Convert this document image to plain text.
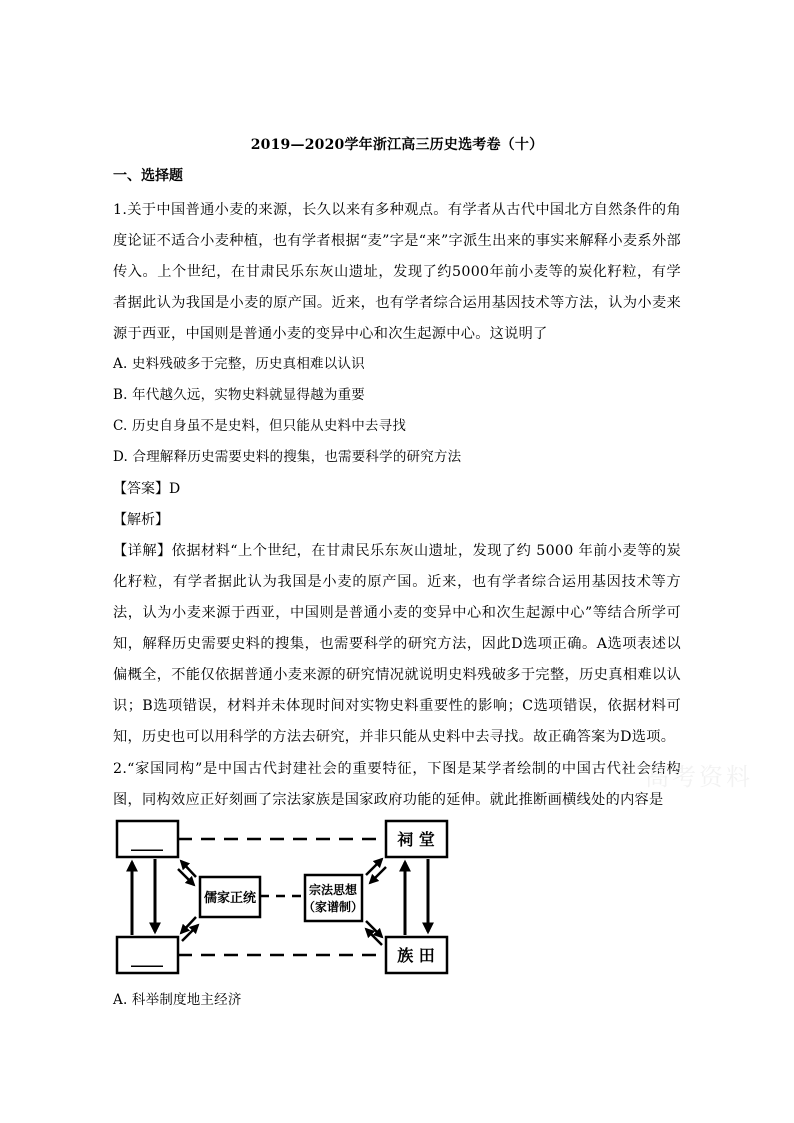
2019—2020学年浙江高三历史选考卷（十）
一、选择题
1.关于中国普通小麦的来源，长久以来有多种观点。有学者从古代中国北方自然条件的角度论证不适合小麦种植，也有学者根据“麦”字是“来”字派生出来的事实来解释小麦系外部传入。上个世纪，在甘肃民乐东灰山遗址，发现了约5000年前小麦等的炭化籽粒，有学者据此认为我国是小麦的原产国。近来，也有学者综合运用基因技术等方法，认为小麦来源于西亚，中国则是普通小麦的变异中心和次生起源中心。这说明了
A. 史料残破多于完整，历史真相难以认识
B. 年代越久远，实物史料就显得越为重要
C. 历史自身虽不是史料，但只能从史料中去寻找
D. 合理解释历史需要史料的搜集，也需要科学的研究方法
【答案】D
【解析】
【详解】依据材料“上个世纪，在甘肃民乐东灰山遗址，发现了约 5000 年前小麦等的炭化籽粒，有学者据此认为我国是小麦的原产国。近来，也有学者综合运用基因技术等方法，认为小麦来源于西亚，中国则是普通小麦的变异中心和次生起源中心”等结合所学可知，解释历史需要史料的搜集，也需要科学的研究方法，因此D选项正确。A选项表述以偏概全，不能仅依据普通小麦来源的研究情况就说明史料残破多于完整，历史真相难以认识；B选项错误，材料并未体现时间对实物史料重要性的影响；C选项错误，依据材料可知，历史也可以用科学的方法去研究，并非只能从史料中去寻找。故正确答案为D选项。
2.“家国同构”是中国古代封建社会的重要特征，下图是某学者绘制的中国古代社会结构图，同构效应正好刻画了宗法家族是国家政府功能的延伸。就此推断画横线处的内容是
高考资料
____
____
儒家正统
宗法思想
（家谱制）
祠 堂
族 田
A. 科举制度地主经济
